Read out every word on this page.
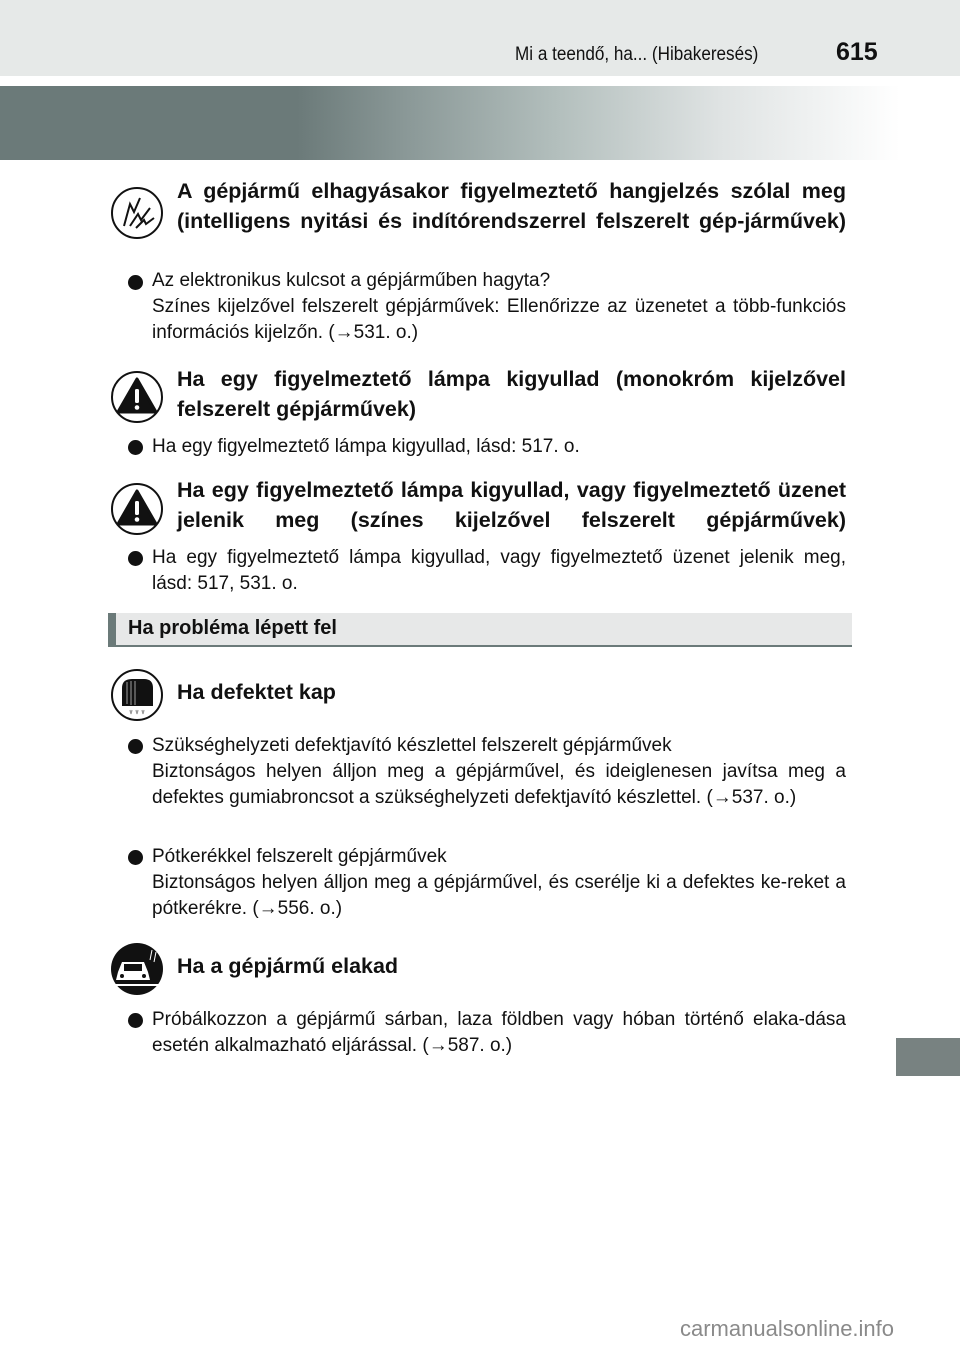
Mi a teendő, ha... (Hibakeresés)	615
A gépjármű elhagyásakor figyelmeztető hangjelzés szólal meg (intelligens nyitási és indítórendszerrel felszerelt gép-járművek)

Az elektronikus kulcsot a gépjárműben hagyta?

Színes kijelzővel felszerelt gépjárművek: Ellenőrizze az üzenetet a több-funkciós információs kijelzőn. (→531. o.)

Ha egy figyelmeztető lámpa kigyullad (monokróm kijelzővel felszerelt gépjárművek)

Ha egy figyelmeztető lámpa kigyullad, lásd: 517. o.

Ha egy figyelmeztető lámpa kigyullad, vagy figyelmeztető üzenet jelenik meg (színes kijelzővel felszerelt gépjárművek)

Ha egy figyelmeztető lámpa kigyullad, vagy figyelmeztető üzenet jelenik meg, lásd: 517, 531. o.

Ha probléma lépett fel
Ha defektet kap

Szükséghelyzeti defektjavító készlettel felszerelt gépjárművek

Biztonságos helyen álljon meg a gépjárművel, és ideiglenesen javítsa meg a defektes gumiabroncsot a szükséghelyzeti defektjavító készlettel. (→537. o.)

Pótkerékkel felszerelt gépjárművek

Biztonságos helyen álljon meg a gépjárművel, és cserélje ki a defektes ke-reket a pótkerékre. (→556. o.)

Ha a gépjármű elakad

Próbálkozzon a gépjármű sárban, laza földben vagy hóban történő elaka-dása esetén alkalmazható eljárással. (→587. o.)

carmanualsonline.info
